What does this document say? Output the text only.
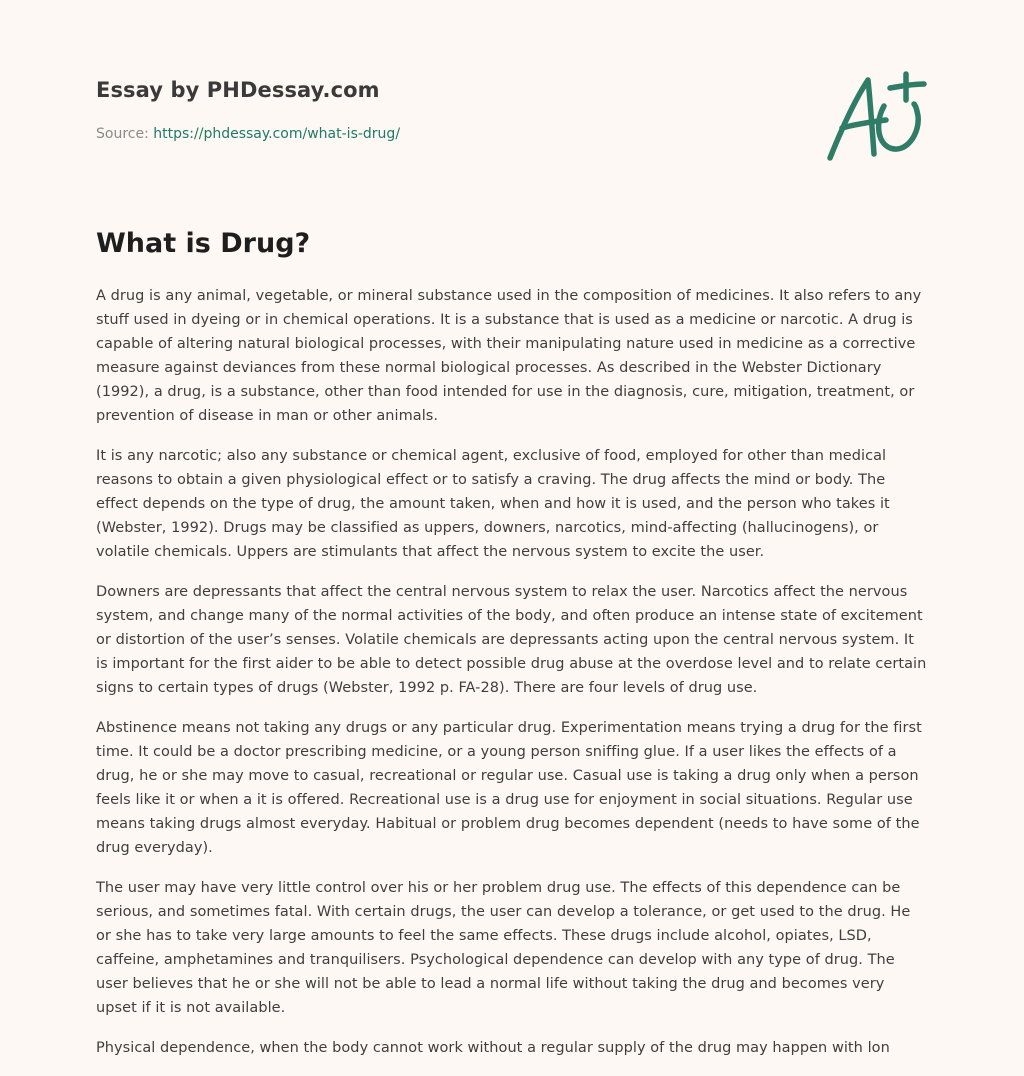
Essay by PHDessay.com
Source: https://phdessay.com/what-is-drug/
What is Drug?

A drug is any animal, vegetable, or mineral substance used in the composition of medicines. It also refers to any stuff used in dyeing or in chemical operations. It is a substance that is used as a medicine or narcotic. A drug is capable of altering natural biological processes, with their manipulating nature used in medicine as a corrective measure against deviances from these normal biological processes. As described in the Webster Dictionary (1992), a drug, is a substance, other than food intended for use in the diagnosis, cure, mitigation, treatment, or prevention of disease in man or other animals.

It is any narcotic; also any substance or chemical agent, exclusive of food, employed for other than medical reasons to obtain a given physiological effect or to satisfy a craving. The drug affects the mind or body. The effect depends on the type of drug, the amount taken, when and how it is used, and the person who takes it (Webster, 1992). Drugs may be classified as uppers, downers, narcotics, mind-affecting (hallucinogens), or volatile chemicals. Uppers are stimulants that affect the nervous system to excite the user.

Downers are depressants that affect the central nervous system to relax the user. Narcotics affect the nervous system, and change many of the normal activities of the body, and often produce an intense state of excitement or distortion of the user’s senses. Volatile chemicals are depressants acting upon the central nervous system. It is important for the first aider to be able to detect possible drug abuse at the overdose level and to relate certain signs to certain types of drugs (Webster, 1992 p. FA-28). There are four levels of drug use.

Abstinence means not taking any drugs or any particular drug. Experimentation means trying a drug for the first time. It could be a doctor prescribing medicine, or a young person sniffing glue. If a user likes the effects of a drug, he or she may move to casual, recreational or regular use. Casual use is taking a drug only when a person feels like it or when a it is offered. Recreational use is a drug use for enjoyment in social situations. Regular use means taking drugs almost everyday. Habitual or problem drug becomes dependent (needs to have some of the drug everyday).

The user may have very little control over his or her problem drug use. The effects of this dependence can be serious, and sometimes fatal. With certain drugs, the user can develop a tolerance, or get used to the drug. He or she has to take very large amounts to feel the same effects. These drugs include alcohol, opiates, LSD, caffeine, amphetamines and tranquilisers. Psychological dependence can develop with any type of drug. The user believes that he or she will not be able to lead a normal life without taking the drug and becomes very upset if it is not available.

Physical dependence, when the body cannot work without a regular supply of the drug may happen with lon
